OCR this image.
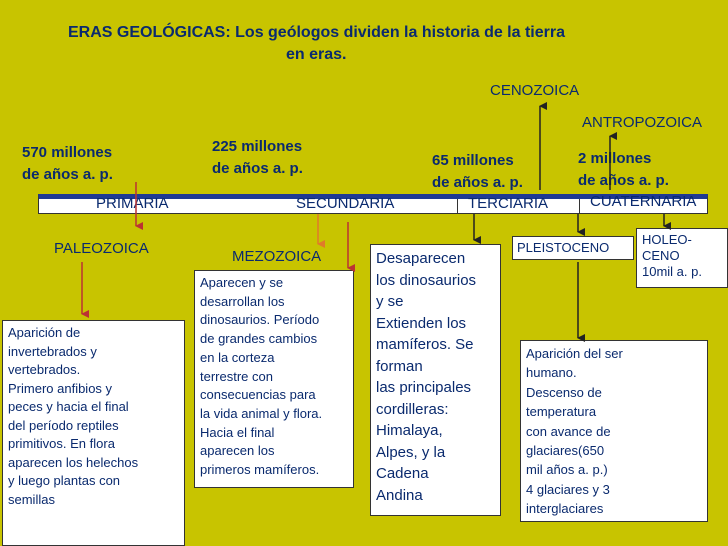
ERAS GEOLÓGICAS: Los geólogos dividen la historia de la tierra
en eras.
CENOZOICA
ANTROPOZOICA
PALEOZOICA	MEZOZOICA
570 millones
de años a. p.
225 millones
de años a. p.	65 millones
de años a. p.
2 millones
de años a. p.
PRIMARIA	SECUNDARIA	TERCIARIA	CUATERNARIA

PLEISTOCENO

HOLEO-
CENO
10mil a. p.

Aparición de
invertebrados y
vertebrados.
Primero anfibios y
peces y hacia el final
del período reptiles
primitivos. En flora
aparecen los helechos
y luego plantas con
semillas

Aparecen y se
desarrollan los
dinosaurios. Período
de grandes cambios
en la corteza
terrestre con
consecuencias para
la vida animal y flora.
Hacia el final
aparecen los
primeros mamíferos.

Desaparecen
los dinosaurios
y se
Extienden los
mamíferos. Se
forman
las principales
cordilleras:
Himalaya,
Alpes, y la
Cadena
Andina

Aparición del ser
humano.
Descenso de
temperatura
con avance de
glaciares(650
mil años a. p.)
4 glaciares y 3
interglaciares
